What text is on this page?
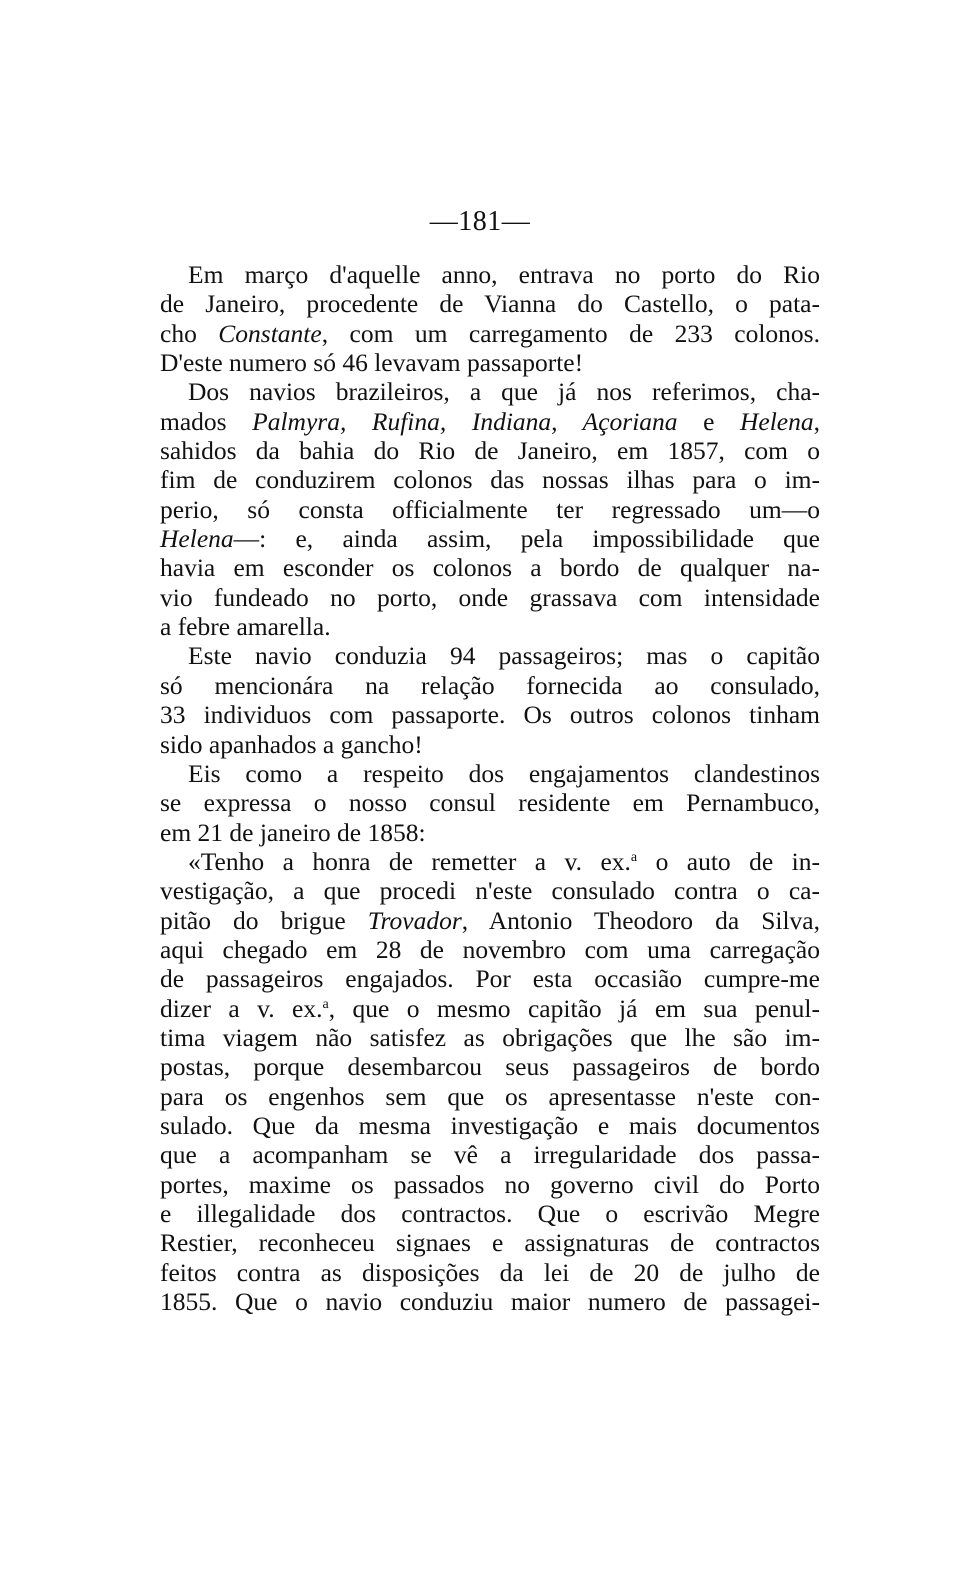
—181—
Em março d'aquelle anno, entrava no porto do Rio
de Janeiro, procedente de Vianna do Castello, o pata-
cho Constante, com um carregamento de 233 colonos.
D'este numero só 46 levavam passaporte!
Dos navios brazileiros, a que já nos referimos, cha-
mados Palmyra, Rufina, Indiana, Açoriana e Helena,
sahidos da bahia do Rio de Janeiro, em 1857, com o
fim de conduzirem colonos das nossas ilhas para o im-
perio, só consta officialmente ter regressado um—o
Helena—: e, ainda assim, pela impossibilidade que
havia em esconder os colonos a bordo de qualquer na-
vio fundeado no porto, onde grassava com intensidade
a febre amarella.
Este navio conduzia 94 passageiros; mas o capitão
só mencionára na relação fornecida ao consulado,
33 individuos com passaporte. Os outros colonos tinham
sido apanhados a gancho!
Eis como a respeito dos engajamentos clandestinos
se expressa o nosso consul residente em Pernambuco,
em 21 de janeiro de 1858:
«Tenho a honra de remetter a v. ex.$^a$ o auto de in-
vestigação, a que procedi n'este consulado contra o ca-
pitão do brigue Trovador, Antonio Theodoro da Silva,
aqui chegado em 28 de novembro com uma carregação
de passageiros engajados. Por esta occasião cumpre-me
dizer a v. ex.$^a$, que o mesmo capitão já em sua penul-
tima viagem não satisfez as obrigações que lhe são im-
postas, porque desembarcou seus passageiros de bordo
para os engenhos sem que os apresentasse n'este con-
sulado. Que da mesma investigação e mais documentos
que a acompanham se vê a irregularidade dos passa-
portes, maxime os passados no governo civil do Porto
e illegalidade dos contractos. Que o escrivão Megre
Restier, reconheceu signaes e assignaturas de contractos
feitos contra as disposições da lei de 20 de julho de
1855. Que o navio conduziu maior numero de passagei-
